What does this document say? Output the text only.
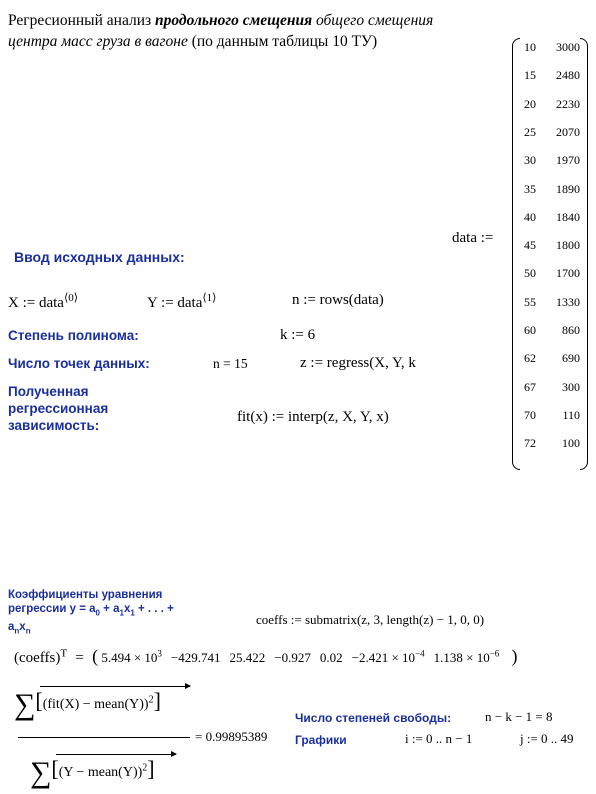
Регресионный анализ продольного смещения общего смещения
центра масс груза в вагоне (по данным таблицы 10 ТУ)
data :=
10	3000
15	2480
20	2230
25	2070
30	1970
35	1890
40	1840
45	1800
50	1700
55	1330
60	860
62	690
67	300
70	110
72	100
Ввод исходных данных:
X := data$^{⟨0⟩}$	Y := data$^{⟨1⟩}$	n := rows(data)
Степень полинома:	k := 6
Число точек данных:	n = 15	z := regress(X, Y, k
Полученная
регрессионная
зависимость:
fit(x) := interp(z, X, Y, x)
Коэффициенты уравнения
регрессии $y = a_0 + a_1x_1$ + . . . +
$a_nx_n$
coeffs := submatrix(z, 3, length(z) − 1, 0, 0)
(coeffs)$^T$ = ( $5.494 \times 10^3 -429.741$ 25.422 −0.927 $0.02 -2.421 \times 10^{-4}$ $1.138 \times 10^{-6}$ )
∑[(fit(X) − mean(Y))$^2$]
= 0.99895389
∑[(Y − mean(Y))$^2$]
Число степеней свободы:	n − k − 1 = 8
Графики	i := 0 .. n − 1	j := 0 .. 49
